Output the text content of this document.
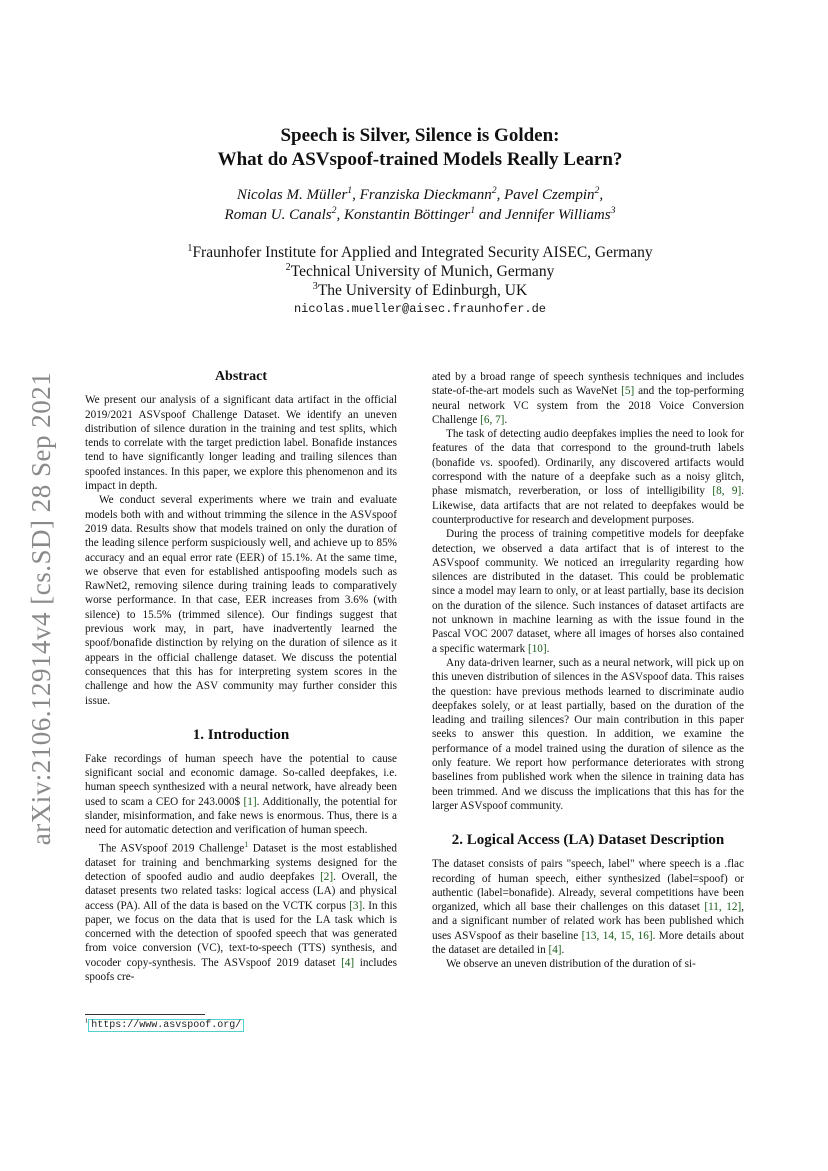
arXiv:2106.12914v4 [cs.SD] 28 Sep 2021
Speech is Silver, Silence is Golden:
What do ASVspoof-trained Models Really Learn?
Nicolas M. Müller$^1$, Franziska Dieckmann$^2$, Pavel Czempin$^2$,
Roman U. Canals$^2$, Konstantin Böttinger$^1$ and Jennifer Williams$^3$
$^1$Fraunhofer Institute for Applied and Integrated Security AISEC, Germany
$^2$Technical University of Munich, Germany
$^3$The University of Edinburgh, UK
nicolas.mueller@aisec.fraunhofer.de
Abstract

We present our analysis of a significant data artifact in the official 2019/2021 ASVspoof Challenge Dataset. We identify an uneven distribution of silence duration in the training and test splits, which tends to correlate with the target prediction label. Bonafide instances tend to have significantly longer leading and trailing silences than spoofed instances. In this paper, we explore this phenomenon and its impact in depth.

We conduct several experiments where we train and evaluate models both with and without trimming the silence in the ASVspoof 2019 data. Results show that models trained on only the duration of the leading silence perform suspiciously well, and achieve up to 85% accuracy and an equal error rate (EER) of 15.1%. At the same time, we observe that even for established antispoofing models such as RawNet2, removing silence during training leads to comparatively worse performance. In that case, EER increases from 3.6% (with silence) to 15.5% (trimmed silence). Our findings suggest that previous work may, in part, have inadvertently learned the spoof/bonafide distinction by relying on the duration of silence as it appears in the official challenge dataset. We discuss the potential consequences that this has for interpreting system scores in the challenge and how the ASV community may further consider this issue.

1. Introduction

Fake recordings of human speech have the potential to cause significant social and economic damage. So-called deepfakes, i.e. human speech synthesized with a neural network, have already been used to scam a CEO for 243.000$ [1]. Additionally, the potential for slander, misinformation, and fake news is enormous. Thus, there is a need for automatic detection and verification of human speech.

The ASVspoof 2019 Challenge$^1$ Dataset is the most established dataset for training and benchmarking systems designed for the detection of spoofed audio and audio deepfakes [2]. Overall, the dataset presents two related tasks: logical access (LA) and physical access (PA). All of the data is based on the VCTK corpus [3]. In this paper, we focus on the data that is used for the LA task which is concerned with the detection of spoofed speech that was generated from voice conversion (VC), text-to-speech (TTS) synthesis, and vocoder copy-synthesis. The ASVspoof 2019 dataset [4] includes spoofs cre-

$^1$ https://www.asvspoof.org/

ated by a broad range of speech synthesis techniques and includes state-of-the-art models such as WaveNet [5] and the top-performing neural network VC system from the 2018 Voice Conversion Challenge [6, 7].

The task of detecting audio deepfakes implies the need to look for features of the data that correspond to the ground-truth labels (bonafide vs. spoofed). Ordinarily, any discovered artifacts would correspond with the nature of a deepfake such as a noisy glitch, phase mismatch, reverberation, or loss of intelligibility [8, 9]. Likewise, data artifacts that are not related to deepfakes would be counterproductive for research and development purposes.

During the process of training competitive models for deepfake detection, we observed a data artifact that is of interest to the ASVspoof community. We noticed an irregularity regarding how silences are distributed in the dataset. This could be problematic since a model may learn to only, or at least partially, base its decision on the duration of the silence. Such instances of dataset artifacts are not unknown in machine learning as with the issue found in the Pascal VOC 2007 dataset, where all images of horses also contained a specific watermark [10].

Any data-driven learner, such as a neural network, will pick up on this uneven distribution of silences in the ASVspoof data. This raises the question: have previous methods learned to discriminate audio deepfakes solely, or at least partially, based on the duration of the leading and trailing silences? Our main contribution in this paper seeks to answer this question. In addition, we examine the performance of a model trained using the duration of silence as the only feature. We report how performance deteriorates with strong baselines from published work when the silence in training data has been trimmed. And we discuss the implications that this has for the larger ASVspoof community.

2. Logical Access (LA) Dataset Description

The dataset consists of pairs "speech, label" where speech is a .flac recording of human speech, either synthesized (label=spoof) or authentic (label=bonafide). Already, several competitions have been organized, which all base their challenges on this dataset [11, 12], and a significant number of related work has been published which uses ASVspoof as their baseline [13, 14, 15, 16]. More details about the dataset are detailed in [4].

We observe an uneven distribution of the duration of si-
